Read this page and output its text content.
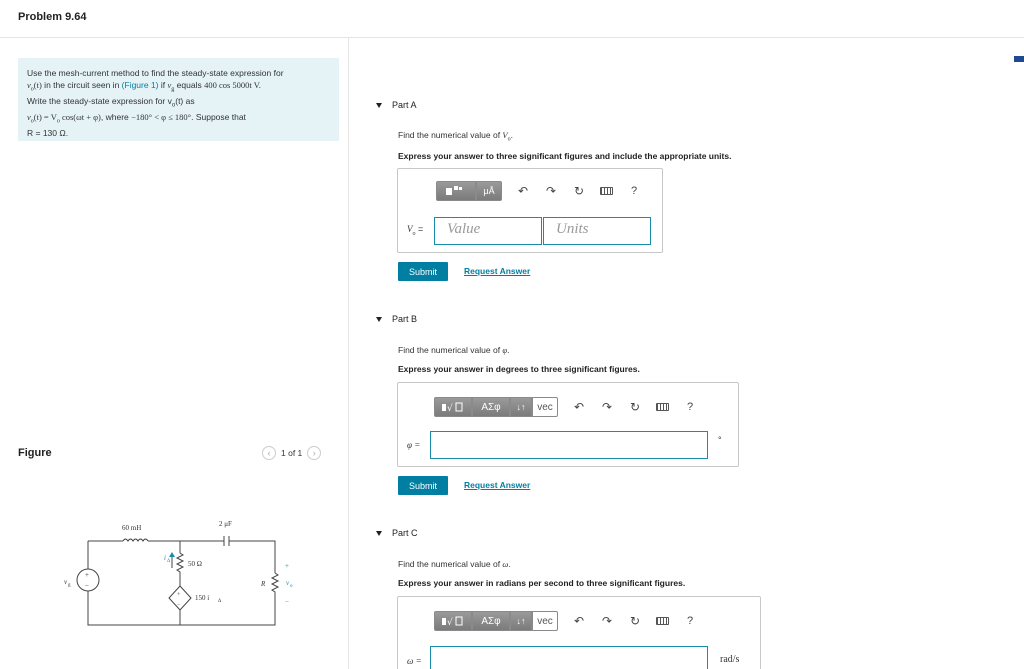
Problem 9.64

Use the mesh-current method to find the steady-state expression for

$v_o(t)$ in the circuit seen in (Figure 1) if $v_g$ equals 400 cos 5000t V.

Write the steady-state expression for $v_o(t)$ as

$v_o(t) = V_o$ cos(ωt + φ), where −180° < φ ≤ 180°. Suppose that

R = 130 Ω.

Figure	‹	1 of 1	›
60 mH	2 μF
50 Ω
150 i Δ
i Δ
R	v o
+
−
v g
+
−
+
−
Part A
Find the numerical value of $V_o$.
Express your answer to three significant figures and include the appropriate units.
μÅ	↶ ↷ ↻	?
$V_o$ = Value	Units
Submit	Request Answer
Part B
Find the numerical value of φ.
Express your answer in degrees to three significant figures.
√	ΑΣφ	↓↑	vec	↶ ↷ ↻	?
φ =	°
Submit	Request Answer
Part C
Find the numerical value of ω.
Express your answer in radians per second to three significant figures.
√	ΑΣφ	↓↑	vec	↶ ↷ ↻	?
ω =	rad/s
